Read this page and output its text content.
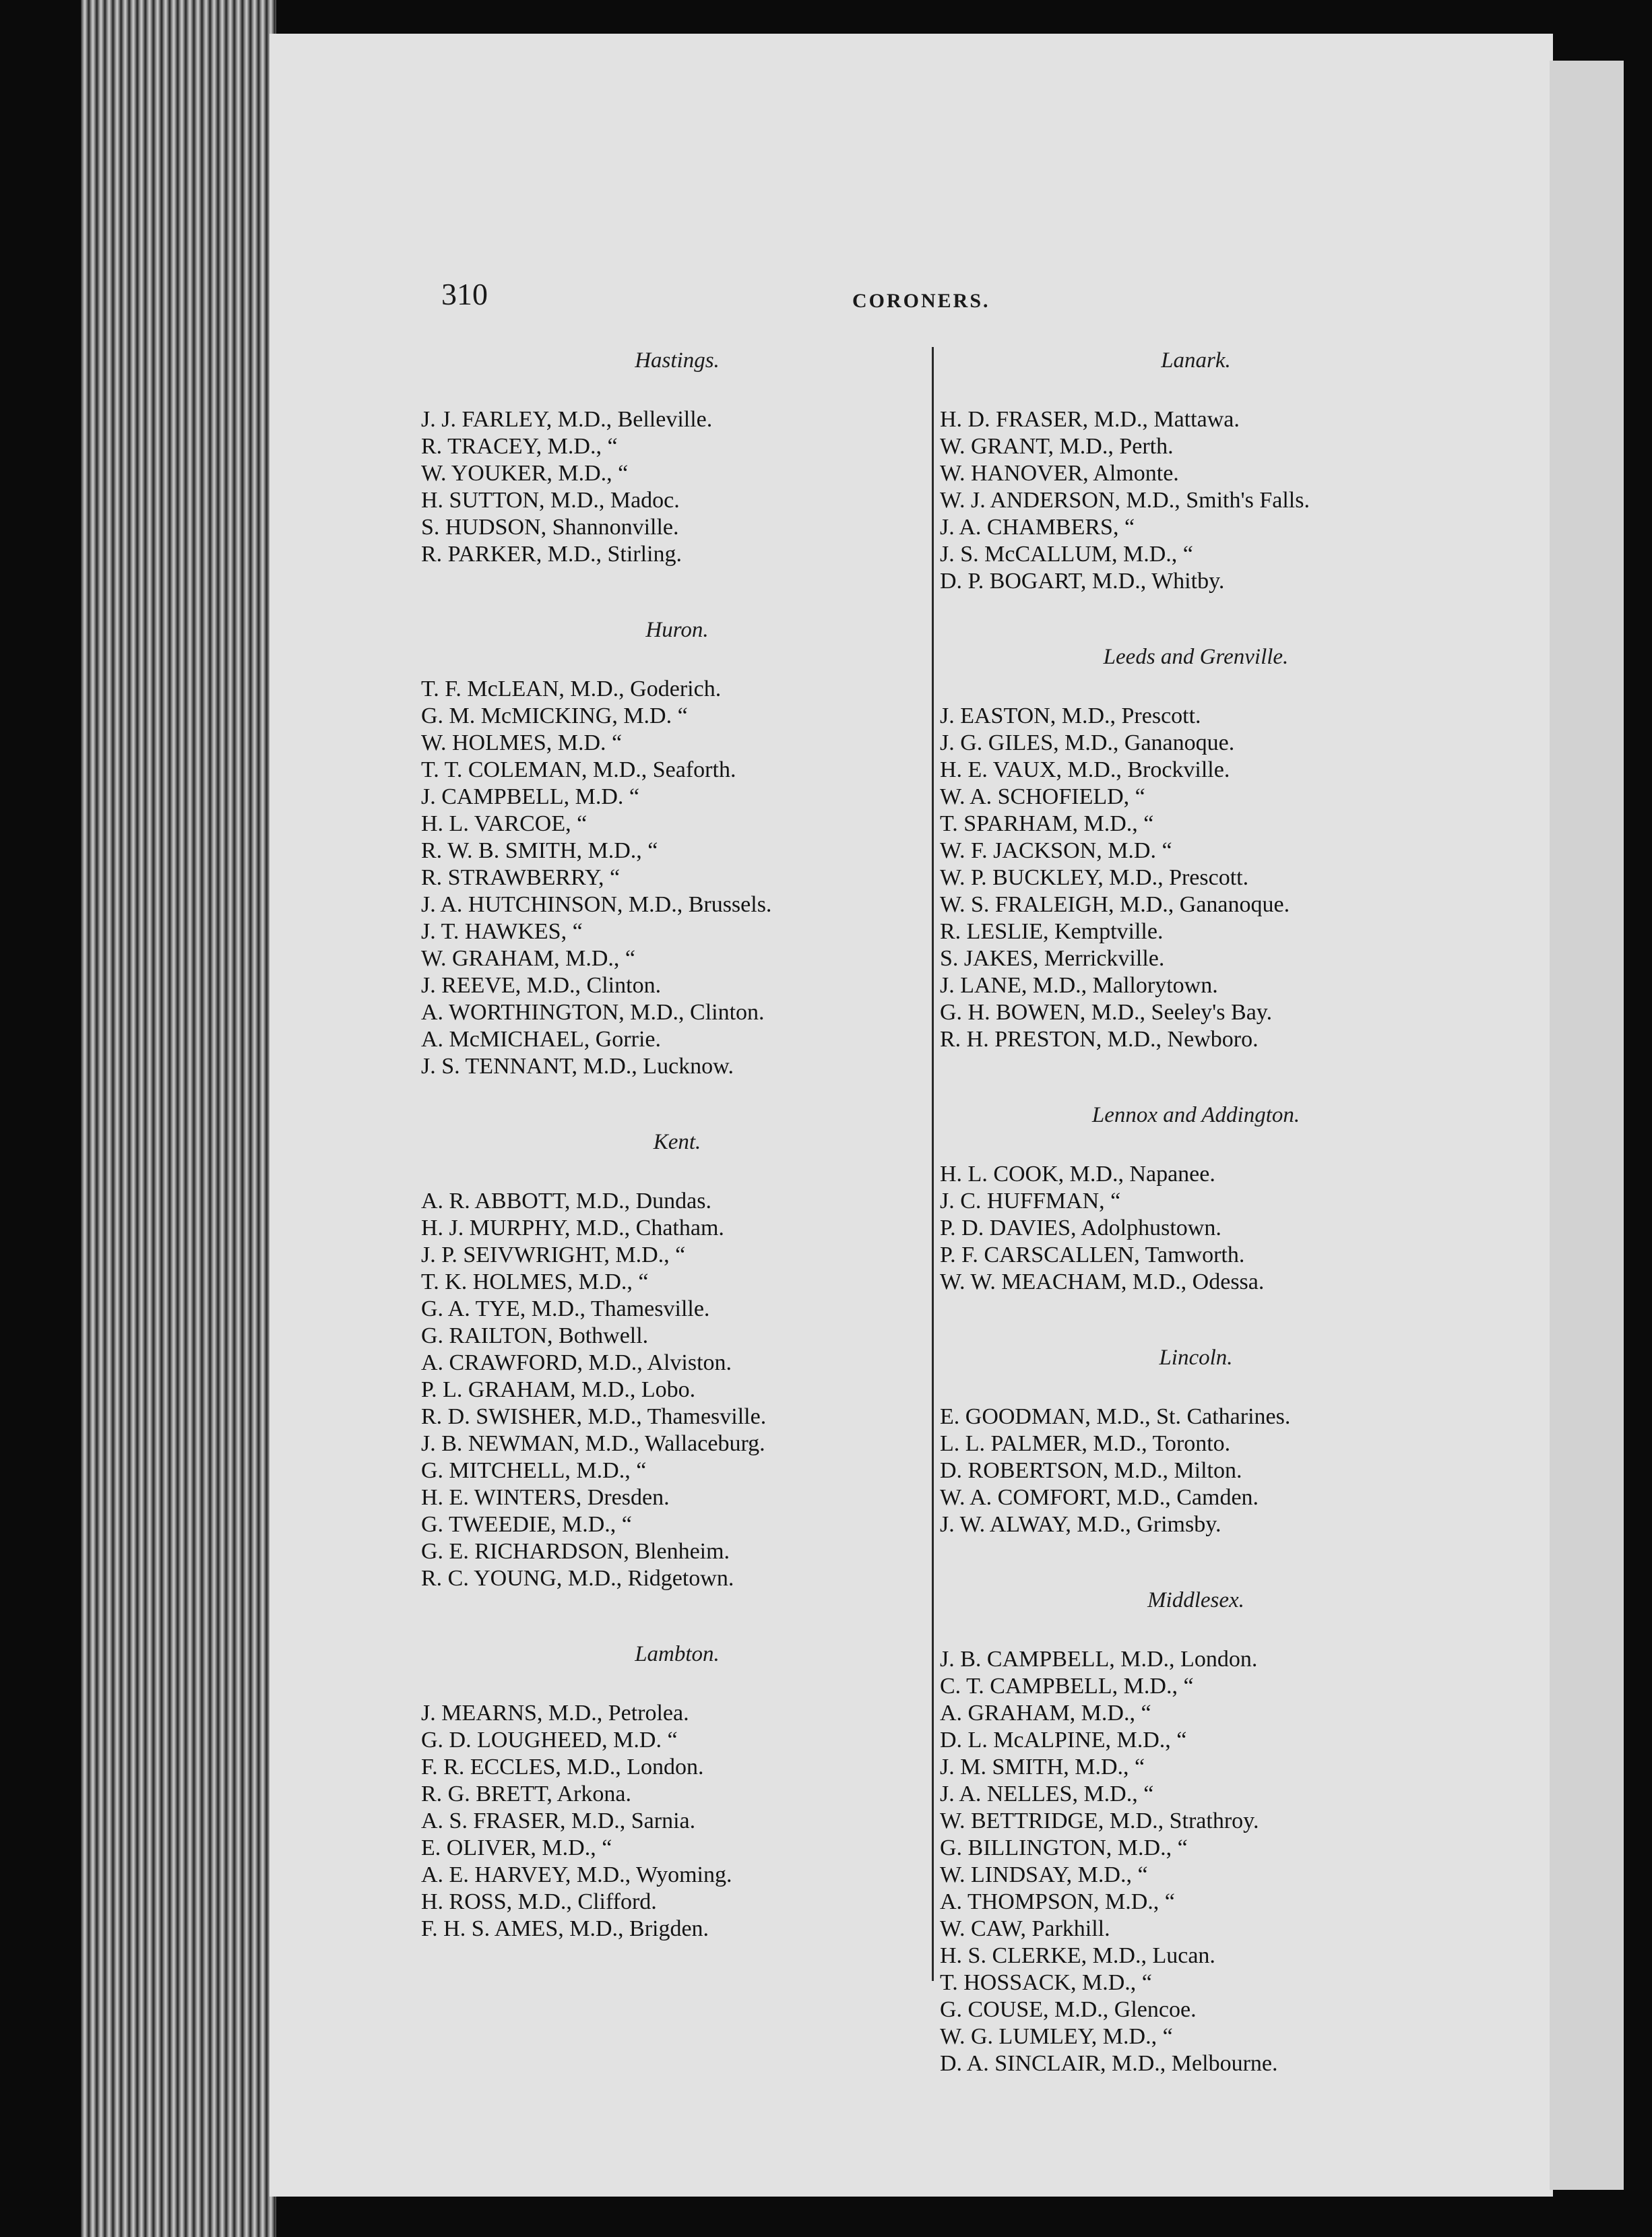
310	CORONERS.
Hastings.
J. J. FARLEY, M.D., Belleville.
R. TRACEY, M.D., “
W. YOUKER, M.D., “
H. SUTTON, M.D., Madoc.
S. HUDSON, Shannonville.
R. PARKER, M.D., Stirling.
Huron.
T. F. McLEAN, M.D., Goderich.
G. M. McMICKING, M.D. “
W. HOLMES, M.D. “
T. T. COLEMAN, M.D., Seaforth.
J. CAMPBELL, M.D. “
H. L. VARCOE, “
R. W. B. SMITH, M.D., “
R. STRAWBERRY, “
J. A. HUTCHINSON, M.D., Brussels.
J. T. HAWKES, “
W. GRAHAM, M.D., “
J. REEVE, M.D., Clinton.
A. WORTHINGTON, M.D., Clinton.
A. McMICHAEL, Gorrie.
J. S. TENNANT, M.D., Lucknow.
Kent.
A. R. ABBOTT, M.D., Dundas.
H. J. MURPHY, M.D., Chatham.
J. P. SEIVWRIGHT, M.D., “
T. K. HOLMES, M.D., “
G. A. TYE, M.D., Thamesville.
G. RAILTON, Bothwell.
A. CRAWFORD, M.D., Alviston.
P. L. GRAHAM, M.D., Lobo.
R. D. SWISHER, M.D., Thamesville.
J. B. NEWMAN, M.D., Wallaceburg.
G. MITCHELL, M.D., “
H. E. WINTERS, Dresden.
G. TWEEDIE, M.D., “
G. E. RICHARDSON, Blenheim.
R. C. YOUNG, M.D., Ridgetown.
Lambton.
J. MEARNS, M.D., Petrolea.
G. D. LOUGHEED, M.D. “
F. R. ECCLES, M.D., London.
R. G. BRETT, Arkona.
A. S. FRASER, M.D., Sarnia.
E. OLIVER, M.D., “
A. E. HARVEY, M.D., Wyoming.
H. ROSS, M.D., Clifford.
F. H. S. AMES, M.D., Brigden.
Lanark.
H. D. FRASER, M.D., Mattawa.
W. GRANT, M.D., Perth.
W. HANOVER, Almonte.
W. J. ANDERSON, M.D., Smith's Falls.
J. A. CHAMBERS, “
J. S. McCALLUM, M.D., “
D. P. BOGART, M.D., Whitby.
Leeds and Grenville.
J. EASTON, M.D., Prescott.
J. G. GILES, M.D., Gananoque.
H. E. VAUX, M.D., Brockville.
W. A. SCHOFIELD, “
T. SPARHAM, M.D., “
W. F. JACKSON, M.D. “
W. P. BUCKLEY, M.D., Prescott.
W. S. FRALEIGH, M.D., Gananoque.
R. LESLIE, Kemptville.
S. JAKES, Merrickville.
J. LANE, M.D., Mallorytown.
G. H. BOWEN, M.D., Seeley's Bay.
R. H. PRESTON, M.D., Newboro.
Lennox and Addington.
H. L. COOK, M.D., Napanee.
J. C. HUFFMAN, “
P. D. DAVIES, Adolphustown.
P. F. CARSCALLEN, Tamworth.
W. W. MEACHAM, M.D., Odessa.
Lincoln.
E. GOODMAN, M.D., St. Catharines.
L. L. PALMER, M.D., Toronto.
D. ROBERTSON, M.D., Milton.
W. A. COMFORT, M.D., Camden.
J. W. ALWAY, M.D., Grimsby.
Middlesex.
J. B. CAMPBELL, M.D., London.
C. T. CAMPBELL, M.D., “
A. GRAHAM, M.D., “
D. L. McALPINE, M.D., “
J. M. SMITH, M.D., “
J. A. NELLES, M.D., “
W. BETTRIDGE, M.D., Strathroy.
G. BILLINGTON, M.D., “
W. LINDSAY, M.D., “
A. THOMPSON, M.D., “
W. CAW, Parkhill.
H. S. CLERKE, M.D., Lucan.
T. HOSSACK, M.D., “
G. COUSE, M.D., Glencoe.
W. G. LUMLEY, M.D., “
D. A. SINCLAIR, M.D., Melbourne.
